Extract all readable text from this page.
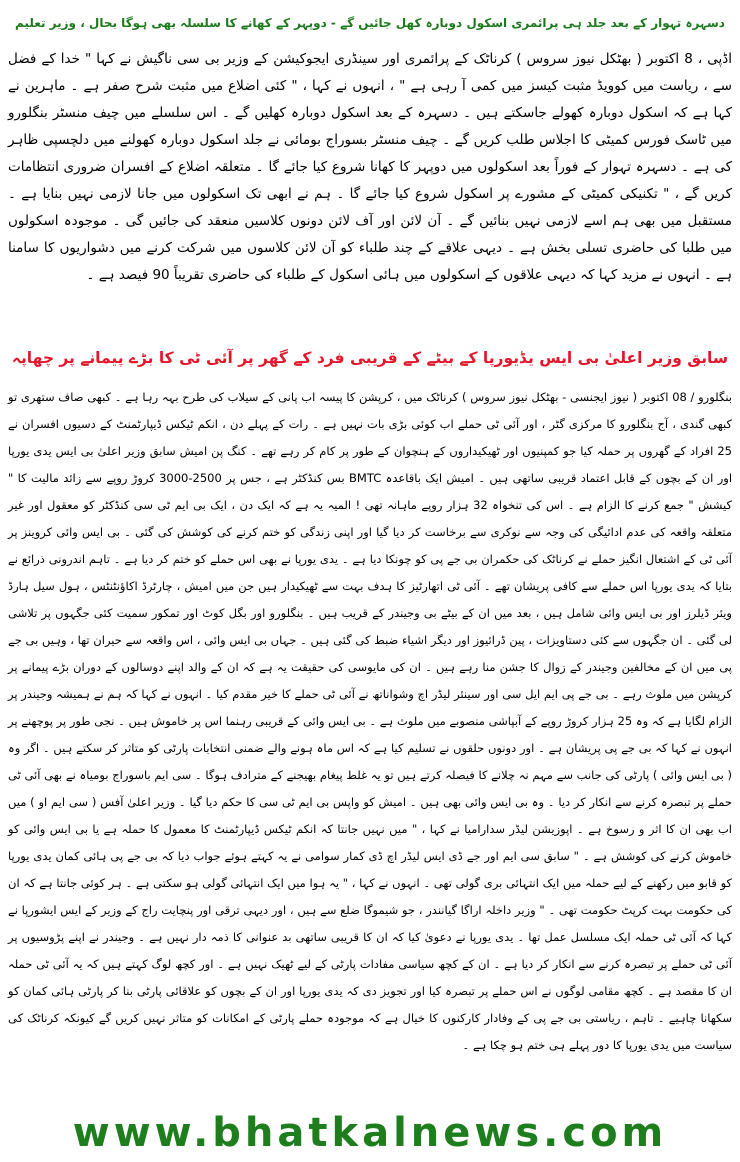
دسہرہ تہوار کے بعد جلد ہی پرائمری اسکول دوبارہ کھل جائیں گے - دوپہر کے کھانے کا سلسلہ بھی ہوگا بحال ، وزیر تعلیم

اڈپی ، 8 اکتوبر ( بھٹکل نیوز سروس ) کرناٹک کے پرائمری اور سینڈری ایجوکیشن کے وزیر بی سی ناگیش نے کہا " خدا کے فضل سے ، ریاست میں کوویڈ مثبت کیسز میں کمی آ رہی ہے " ، انہوں نے کہا ، " کئی اضلاع میں مثبت شرح صفر ہے ۔ ماہرین نے کہا ہے کہ اسکول دوبارہ کھولے جاسکتے ہیں ۔ دسہرہ کے بعد اسکول دوبارہ کھلیں گے ۔ اس سلسلے میں چیف منسٹر بنگلورو میں ٹاسک فورس کمیٹی کا اجلاس طلب کریں گے ۔ چیف منسٹر بسوراج بومائی نے جلد اسکول دوبارہ کھولنے میں دلچسپی ظاہر کی ہے ۔ دسہرہ تہوار کے فوراً بعد اسکولوں میں دوپہر کا کھانا شروع کیا جائے گا ۔ متعلقہ اضلاع کے افسران ضروری انتظامات کریں گے ، " تکنیکی کمیٹی کے مشورے پر اسکول شروع کیا جائے گا ۔ ہم نے ابھی تک اسکولوں میں جانا لازمی نہیں بنایا ہے ۔ مستقبل میں بھی ہم اسے لازمی نہیں بنائیں گے ۔ آن لائن اور آف لائن دونوں کلاسیں منعقد کی جائیں گی ۔ موجودہ اسکولوں میں طلبا کی حاضری تسلی بخش ہے ۔ دیہی علاقے کے چند طلباء کو آن لائن کلاسوں میں شرکت کرنے میں دشواریوں کا سامنا ہے ۔ انہوں نے مزید کہا کہ دیہی علاقوں کے اسکولوں میں ہائی اسکول کے طلباء کی حاضری تقریباً 90 فیصد ہے ۔

سابق وزیر اعلیٰ بی ایس یڈیورپا کے بیٹے کے قریبی فرد کے گھر پر آئی ٹی کا بڑے پیمانے پر چھاپہ

بنگلورو / 08 اکتوبر ( نیوز ایجنسی - بھٹکل نیوز سروس ) کرناٹک میں ، کرپشن کا پیسہ اب پانی کے سیلاب کی طرح بہہ رہا ہے ۔ کبھی صاف ستھری تو کبھی گندی ، آج بنگلورو کا مرکزی گٹر ، اور آئی ٹی حملے اب کوئی بڑی بات نہیں ہے ۔ رات کے پہلے دن ، انکم ٹیکس ڈیپارٹمنٹ کے دسیوں افسران نے 25 افراد کے گھروں پر حملہ کیا جو کمپنیوں اور ٹھیکیداروں کے ہنچوان کے طور پر کام کر رہے تھے ۔ کنگ پن امیش سابق وزیر اعلیٰ بی ایس یدی یورپا اور ان کے بچوں کے قابل اعتماد قریبی ساتھی ہیں ۔ امیش ایک باقاعدہ BMTC بس کنڈکٹر ہے ، جس پر 2500-3000 کروڑ روپے سے زائد مالیت کا " کیشش " جمع کرنے کا الزام ہے ۔ اس کی تنخواہ 32 ہزار روپے ماہانہ تھی ! المیہ یہ ہے کہ ایک دن ، ایک بی ایم ٹی سی کنڈکٹر کو معقول اور غیر متعلقہ واقعہ کی عدم ادائیگی کی وجہ سے نوکری سے برخاست کر دیا گیا اور اپنی زندگی کو ختم کرنے کی کوشش کی گئی ۔ بی ایس وائی کروینز پر آئی ٹی کے اشتعال انگیز حملے نے کرناٹک کی حکمران بی جے پی کو چونکا دیا ہے ۔ یدی یورپا نے بھی اس حملے کو ختم کر دیا ہے ۔ تاہم اندرونی ذرائع نے بتایا کہ یدی یورپا اس حملے سے کافی پریشان تھے ۔ آئی ٹی اتھارٹیز کا ہدف بہت سے ٹھیکیدار ہیں جن میں امیش ، چارٹرڈ اکاؤنٹنٹس ، ہول سیل ہارڈ ویئر ڈیلرز اور بی ایس وائی شامل ہیں ، بعد میں ان کے بیٹے بی وجیندر کے قریب ہیں ۔ بنگلورو اور بگل کوٹ اور تمکور سمیت کئی جگہوں پر تلاشی لی گئی ۔ ان جگہوں سے کئی دستاویزات ، پین ڈرائیوز اور دیگر اشیاء ضبط کی گئی ہیں ۔ جہاں بی ایس وائی ، اس واقعہ سے حیران تھا ، وہیں بی جے پی میں ان کے مخالفین وجیندر کے زوال کا جشن منا رہے ہیں ۔ ان کی مایوسی کی حقیقت یہ ہے کہ ان کے والد اپنے دوسالوں کے دوران بڑے پیمانے پر کرپشن میں ملوث رہے ۔ بی جے پی ایم ایل سی اور سینئر لیڈر اچ وشواناتھ نے آئی ٹی حملے کا خیر مقدم کیا ۔ انہوں نے کہا کہ ہم نے ہمیشہ وجیندر پر الزام لگایا ہے کہ وہ 25 ہزار کروڑ روپے کے آبپاشی منصوبے میں ملوث ہے ۔ بی ایس وائی کے قریبی رہنما اس پر خاموش ہیں ۔ نجی طور پر پوچھنے پر انہوں نے کہا کہ بی جے پی پریشان ہے ۔ اور دونوں حلقوں نے تسلیم کیا ہے کہ اس ماہ ہونے والے ضمنی انتخابات پارٹی کو متاثر کر سکتے ہیں ۔ اگر وہ ( بی ایس وائی ) پارٹی کی جانب سے مہم نہ چلانے کا فیصلہ کرتے ہیں تو یہ غلط پیغام بھیجنے کے مترادف ہوگا ۔ سی ایم باسوراج بومیاہ نے بھی آئی ٹی حملے پر تبصرہ کرنے سے انکار کر دیا ۔ وہ بی ایس وائی بھی ہیں ۔ امیش کو واپس بی ایم ٹی سی کا حکم دیا گیا ۔ وزیر اعلیٰ آفس ( سی ایم او ) میں اب بھی ان کا اثر و رسوخ ہے ۔ اپوزیشن لیڈر سدارامیا نے کہا ، " میں نہیں جانتا کہ انکم ٹیکس ڈیپارٹمنٹ کا معمول کا حملہ ہے یا بی ایس وائی کو خاموش کرنے کی کوشش ہے ۔ " سابق سی ایم اور جے ڈی ایس لیڈر اچ ڈی کمار سوامی نے یہ کہتے ہوئے جواب دیا کہ بی جے پی ہائی کمان یدی یورپا کو قابو میں رکھنے کے لیے حملہ میں ایک انتہائی بری گولی تھی ۔ انہوں نے کہا ، " یہ ہوا میں ایک انتہائی گولی ہو سکتی ہے ۔ ہر کوئی جانتا ہے کہ ان کی حکومت بہت کرپٹ حکومت تھی ۔ " وزیر داخلہ اراگا گیانندر ، جو شیموگا ضلع سے ہیں ، اور دیہی ترقی اور پنچایت راج کے وزیر کے ایس ایشورپا نے کہا کہ آئی ٹی حملہ ایک مسلسل عمل تھا ۔ یدی یورپا نے دعویٰ کیا کہ ان کا قریبی ساتھی بد عنوانی کا ذمہ دار نہیں ہے ۔ وجیندر نے اپنے پڑوسیوں پر آئی ٹی حملے پر تبصرہ کرنے سے انکار کر دیا ہے ۔ ان کے کچھ سیاسی مفادات پارٹی کے لیے ٹھیک نہیں ہے ۔ اور کچھ لوگ کہتے ہیں کہ یہ آئی ٹی حملہ ان کا مقصد ہے ۔ کچھ مقامی لوگوں نے اس حملے پر تبصرہ کیا اور تجویز دی کہ یدی یورپا اور ان کے بچوں کو علاقائی پارٹی بنا کر پارٹی ہائی کمان کو سکھانا چاہیے ۔ تاہم ، ریاستی بی جے پی کے وفادار کارکنوں کا خیال ہے کہ موجودہ حملے پارٹی کے امکانات کو متاثر نہیں کریں گے کیونکہ کرناٹک کی سیاست میں یدی یورپا کا دور پہلے ہی ختم ہو چکا ہے ۔

www.bhatkalnews.com
